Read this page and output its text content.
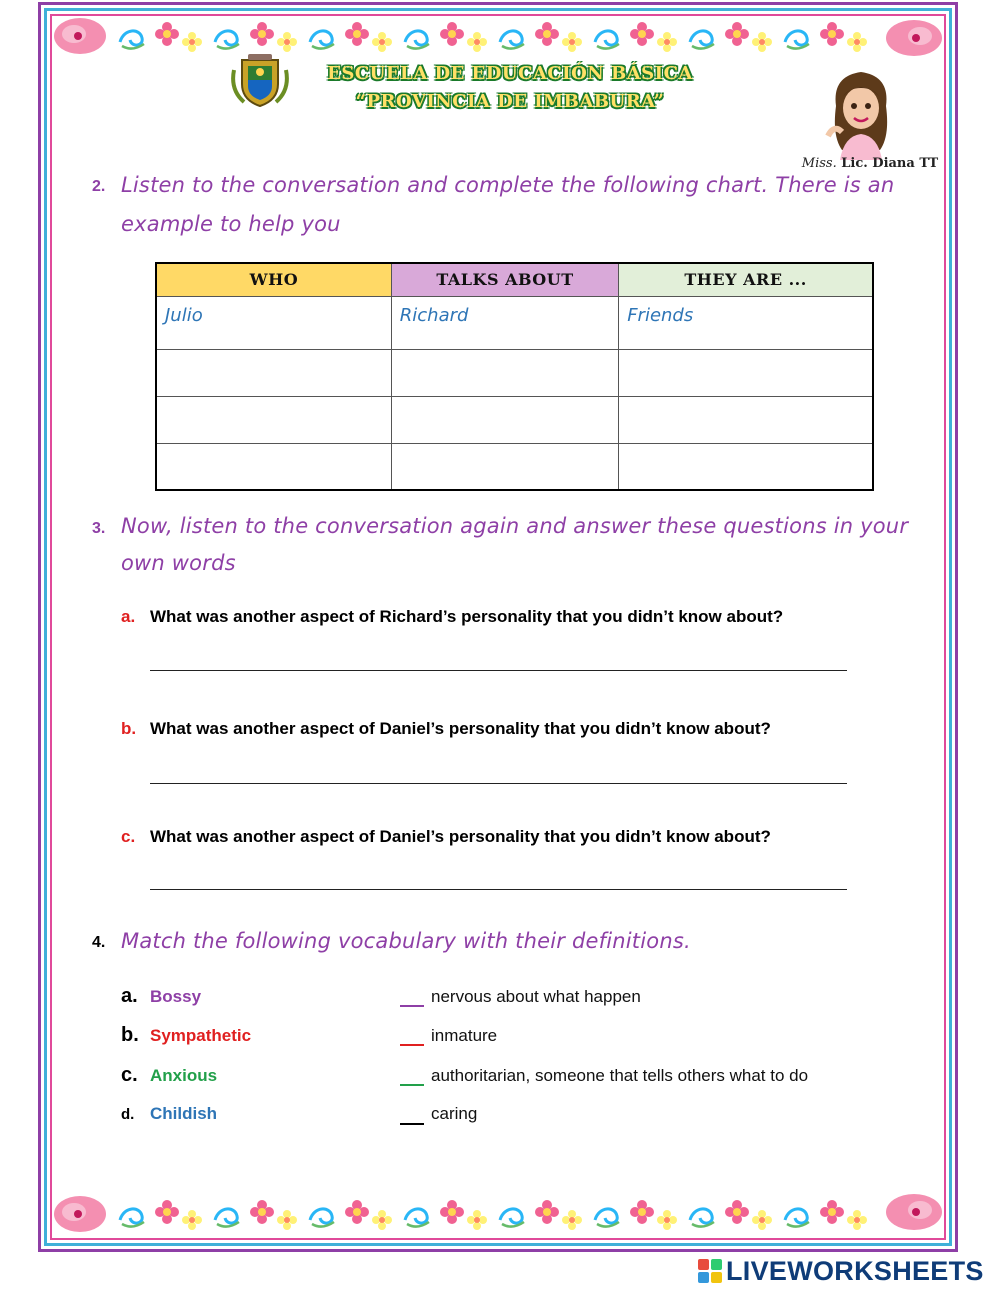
ESCUELA DE EDUCACIÓN BÁSICA
“PROVINCIA DE IMBABURA”
Miss. Lic. Diana TT
2. Listen to the conversation and complete the following chart. There is an
example to help you
WHO	TALKS ABOUT	THEY ARE ...
Julio	Richard	Friends

3. Now, listen to the conversation again and answer these questions in your
own words
a. What was another aspect of Richard’s personality that you didn’t know about?
b. What was another aspect of Daniel’s personality that you didn’t know about?
c. What was another aspect of Daniel’s personality that you didn’t know about?
4. Match the following vocabulary with their definitions.
a. Bossy	nervous about what happen
b. Sympathetic	inmature
c. Anxious	authoritarian, someone that tells others what to do
d. Childish	caring
LIVEWORKSHEETS
